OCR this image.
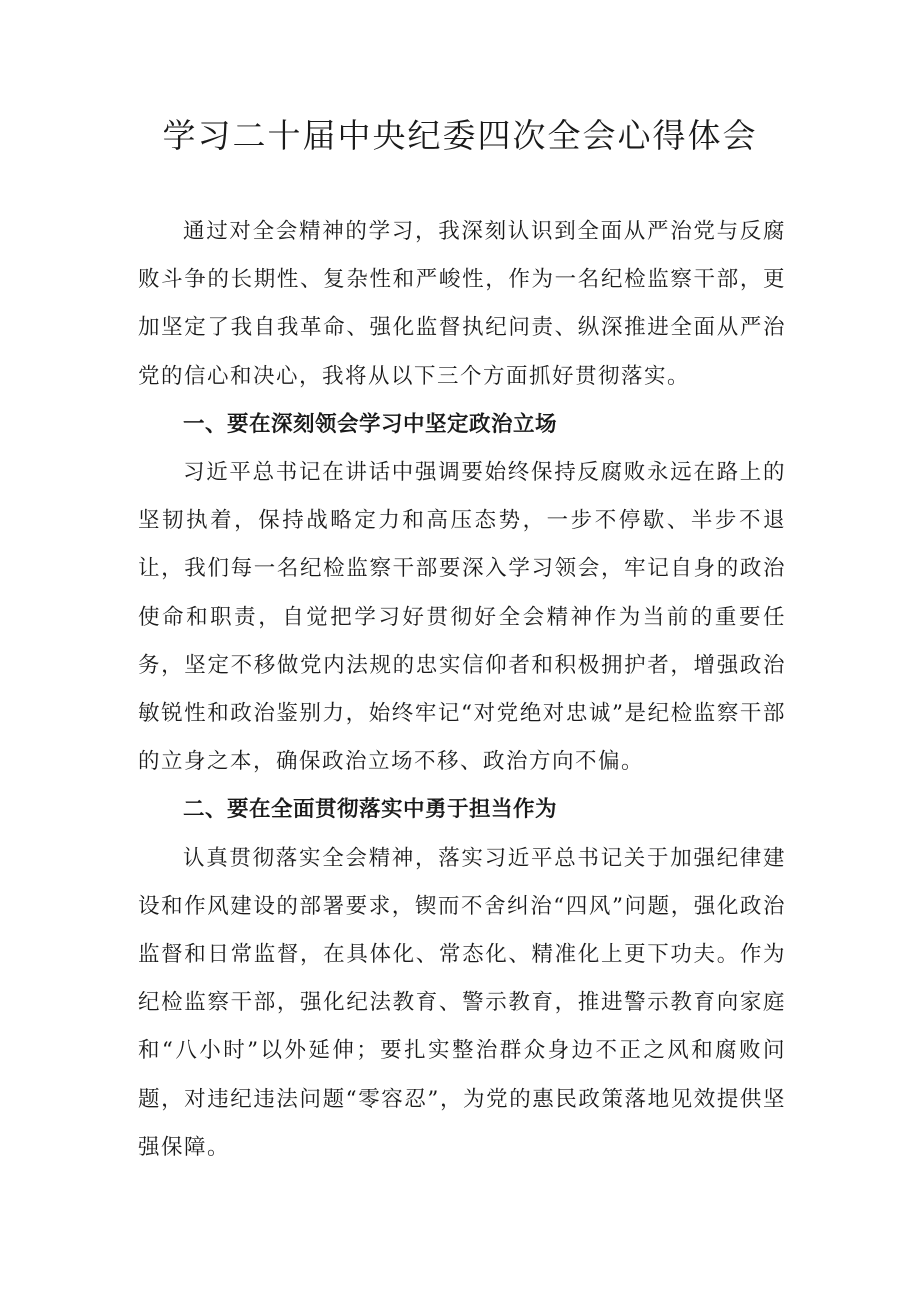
学习二十届中央纪委四次全会心得体会

通过对全会精神的学习，我深刻认识到全面从严治党与反腐败斗争的长期性、复杂性和严峻性，作为一名纪检监察干部，更加坚定了我自我革命、强化监督执纪问责、纵深推进全面从严治党的信心和决心，我将从以下三个方面抓好贯彻落实。

一、要在深刻领会学习中坚定政治立场

习近平总书记在讲话中强调要始终保持反腐败永远在路上的坚韧执着，保持战略定力和高压态势，一步不停歇、半步不退让，我们每一名纪检监察干部要深入学习领会，牢记自身的政治使命和职责，自觉把学习好贯彻好全会精神作为当前的重要任务，坚定不移做党内法规的忠实信仰者和积极拥护者，增强政治敏锐性和政治鉴别力，始终牢记“对党绝对忠诚”是纪检监察干部的立身之本，确保政治立场不移、政治方向不偏。

二、要在全面贯彻落实中勇于担当作为

认真贯彻落实全会精神，落实习近平总书记关于加强纪律建设和作风建设的部署要求，锲而不舍纠治“四风”问题，强化政治监督和日常监督，在具体化、常态化、精准化上更下功夫。作为纪检监察干部，强化纪法教育、警示教育，推进警示教育向家庭和“八小时”以外延伸；要扎实整治群众身边不正之风和腐败问题，对违纪违法问题“零容忍”，为党的惠民政策落地见效提供坚强保障。
